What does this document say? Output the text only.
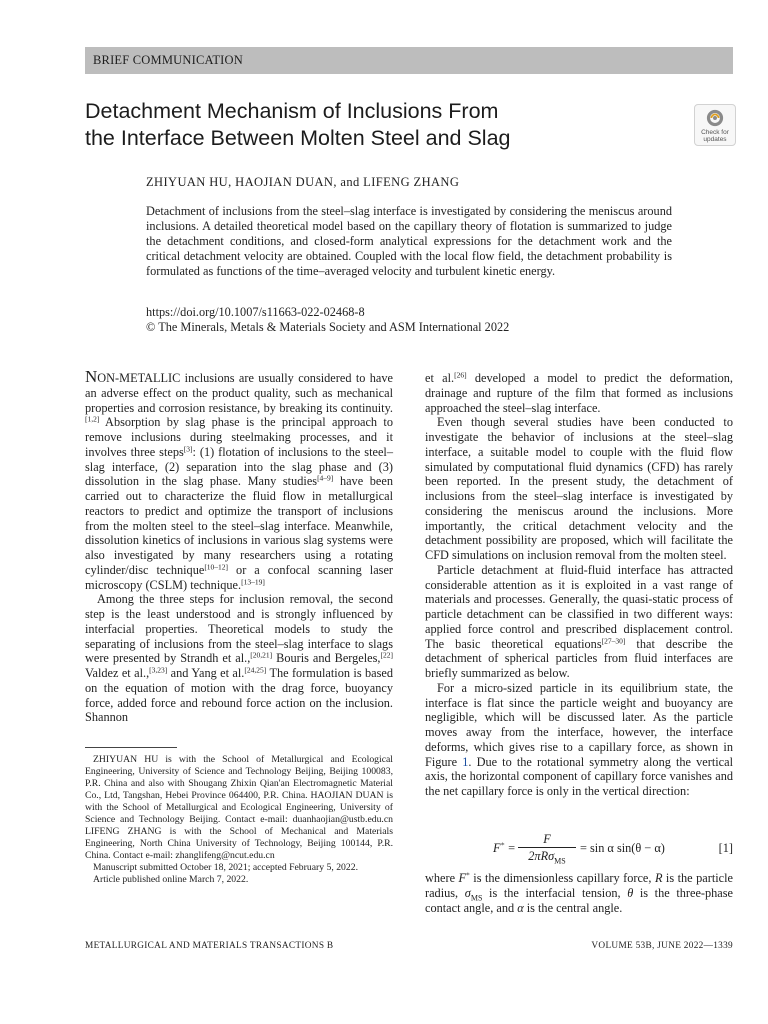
BRIEF COMMUNICATION
Detachment Mechanism of Inclusions From
the Interface Between Molten Steel and Slag	Check for
updates

ZHIYUAN HU, HAOJIAN DUAN, and LIFENG ZHANG

Detachment of inclusions from the steel–slag interface is investigated by considering the meniscus around inclusions. A detailed theoretical model based on the capillary theory of flotation is summarized to judge the detachment conditions, and closed-form analytical expressions for the detachment work and the critical detachment velocity are obtained. Coupled with the local flow field, the detachment probability is formulated as functions of the time–averaged velocity and turbulent kinetic energy.

https://doi.org/10.1007/s11663-022-02468-8
© The Minerals, Metals & Materials Society and ASM International 2022

NON-METALLIC inclusions are usually considered to have an adverse effect on the product quality, such as mechanical properties and corrosion resistance, by breaking its continuity.[1,2] Absorption by slag phase is the principal approach to remove inclusions during steelmaking processes, and it involves three steps[3]: (1) flotation of inclusions to the steel–slag interface, (2) separation into the slag phase and (3) dissolution in the slag phase. Many studies[4–9] have been carried out to characterize the fluid flow in metallurgical reactors to predict and optimize the transport of inclusions from the molten steel to the steel–slag interface. Meanwhile, dissolution kinetics of inclusions in various slag systems were also investigated by many researchers using a rotating cylinder/disc technique[10–12] or a confocal scanning laser microscopy (CSLM) technique.[13–19]

Among the three steps for inclusion removal, the second step is the least understood and is strongly influenced by interfacial properties. Theoretical models to study the separating of inclusions from the steel–slag interface to slags were presented by Strandh et al.,[20,21] Bouris and Bergeles,[22] Valdez et al.,[3,23] and Yang et al.[24,25] The formulation is based on the equation of motion with the drag force, buoyancy force, added force and rebound force action on the inclusion. Shannon

ZHIYUAN HU is with the School of Metallurgical and Ecological Engineering, University of Science and Technology Beijing, Beijing 100083, P.R. China and also with Shougang Zhixin Qian'an Electromagnetic Material Co., Ltd, Tangshan, Hebei Province 064400, P.R. China. HAOJIAN DUAN is with the School of Metallurgical and Ecological Engineering, University of Science and Technology Beijing. Contact e-mail: duanhaojian@ustb.edu.cn LIFENG ZHANG is with the School of Mechanical and Materials Engineering, North China University of Technology, Beijing 100144, P.R. China. Contact e-mail: zhanglifeng@ncut.edu.cn

Manuscript submitted October 18, 2021; accepted February 5, 2022.

Article published online March 7, 2022.

et al.[26] developed a model to predict the deformation, drainage and rupture of the film that formed as inclusions approached the steel–slag interface.

Even though several studies have been conducted to investigate the behavior of inclusions at the steel–slag interface, a suitable model to couple with the fluid flow simulated by computational fluid dynamics (CFD) has rarely been reported. In the present study, the detachment of inclusions from the steel–slag interface is investigated by considering the meniscus around the inclusions. More importantly, the critical detachment velocity and the detachment possibility are proposed, which will facilitate the CFD simulations on inclusion removal from the molten steel.

Particle detachment at fluid-fluid interface has attracted considerable attention as it is exploited in a vast range of materials and processes. Generally, the quasi-static process of particle detachment can be classified in two different ways: applied force control and prescribed displacement control. The basic theoretical equations[27–30] that describe the detachment of spherical particles from fluid interfaces are briefly summarized as below.

For a micro-sized particle in its equilibrium state, the interface is flat since the particle weight and buoyancy are negligible, which will be discussed later. As the particle moves away from the interface, however, the interface deforms, which gives rise to a capillary force, as shown in Figure 1. Due to the rotational symmetry along the vertical axis, the horizontal component of capillary force vanishes and the net capillary force is only in the vertical direction:

F* =
F
2πRσ$_{MS}$
= sin α sin(θ − α)	[1]

where F* is the dimensionless capillary force, R is the particle radius, $\sigma_{MS}$ is the interfacial tension, θ is the three-phase contact angle, and α is the central angle.

METALLURGICAL AND MATERIALS TRANSACTIONS B	VOLUME 53B, JUNE 2022—1339
